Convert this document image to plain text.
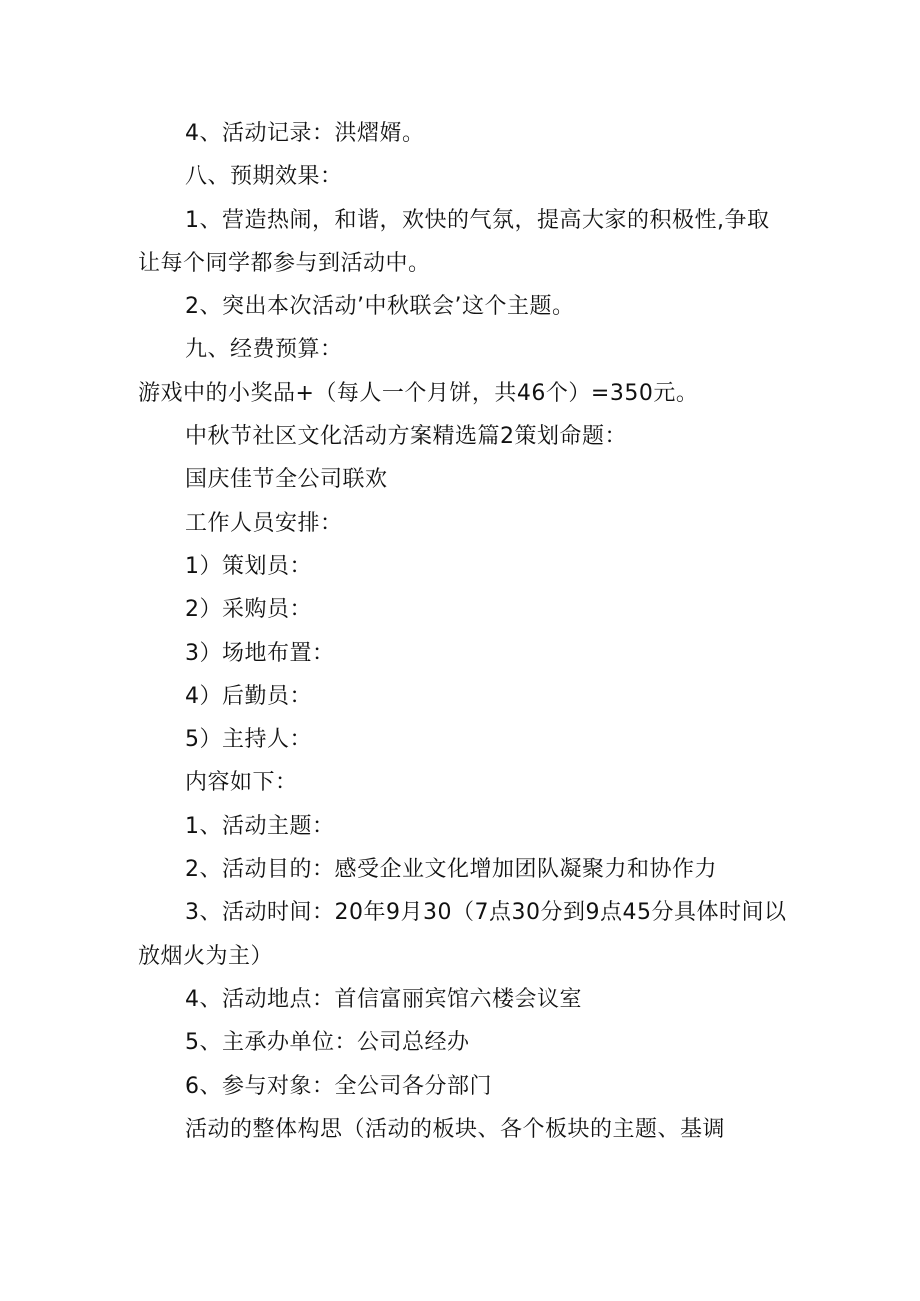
4、活动记录：洪熠婿。
八、预期效果：
1、营造热闹，和谐，欢快的气氛，提高大家的积极性,争取
让每个同学都参与到活动中。
2、突出本次活动’中秋联会’这个主题。
九、经费预算：
游戏中的小奖品+（每人一个月饼，共46个）=350元。
中秋节社区文化活动方案精选篇2策划命题：
国庆佳节全公司联欢
工作人员安排：
1）策划员：
2）采购员：
3）场地布置：
4）后勤员：
5）主持人：
内容如下：
1、活动主题：
2、活动目的：感受企业文化增加团队凝聚力和协作力
3、活动时间：20年9月30（7点30分到9点45分具体时间以
放烟火为主）
4、活动地点：首信富丽宾馆六楼会议室
5、主承办单位：公司总经办
6、参与对象：全公司各分部门
活动的整体构思（活动的板块、各个板块的主题、基调
